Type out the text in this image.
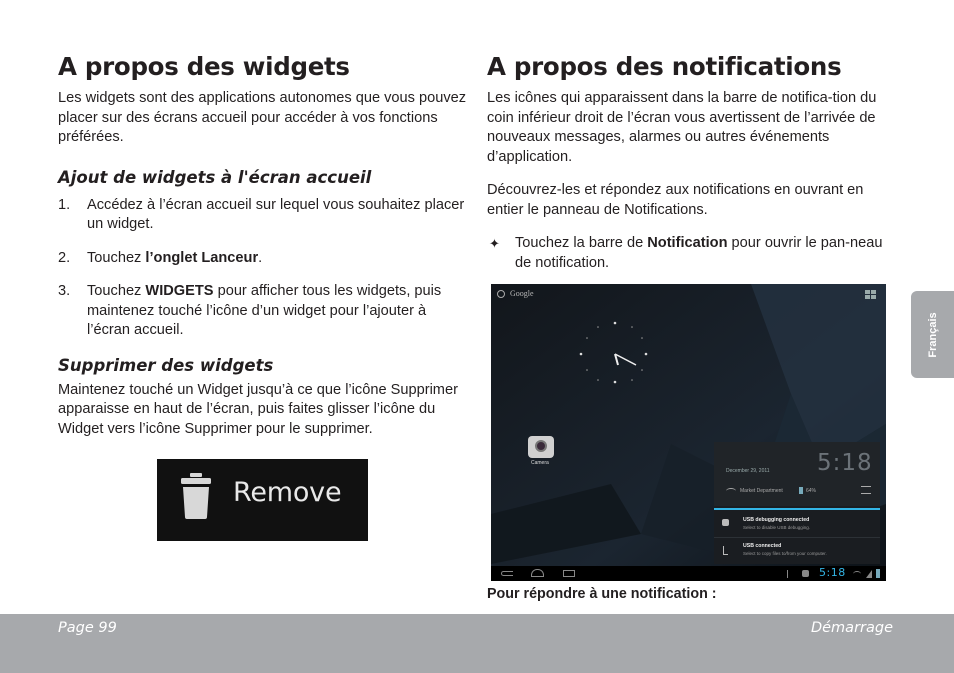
A propos des widgets

Les widgets sont des applications autonomes que vous pouvez placer sur des écrans accueil pour accéder à vos fonctions préférées.

Ajout de widgets à l'écran accueil
1. Accédez à l’écran accueil sur lequel vous souhaitez placer un widget.
2. Touchez l’onglet Lanceur.
3. Touchez WIDGETS pour afficher tous les widgets, puis maintenez touché l’icône d’un widget pour l’ajouter à l’écran accueil.
Supprimer des widgets

Maintenez touché un Widget jusqu’à ce que l’icône Supprimer apparaisse en haut de l’écran, puis faites glisser l’icône du Widget vers l’icône Supprimer pour le supprimer.

Remove
A propos des notifications

Les icônes qui apparaissent dans la barre de notifica-tion du coin inférieur droit de l’écran vous avertissent de l’arrivée de nouveaux messages, alarmes ou autres événements d’application.

Découvrez-les et répondez aux notifications en ouvrant en entier le panneau de Notifications.

✦ Touchez la barre de Notification pour ouvrir le pan-neau de notification.

Google
Camera
December 29, 2011 5:18
Market Department	64%
USB debugging connected
Select to disable USB debugging.
USB connected
Select to copy files to/from your computer.
5:18

Pour répondre à une notification :

Français
Page 99	Démarrage
